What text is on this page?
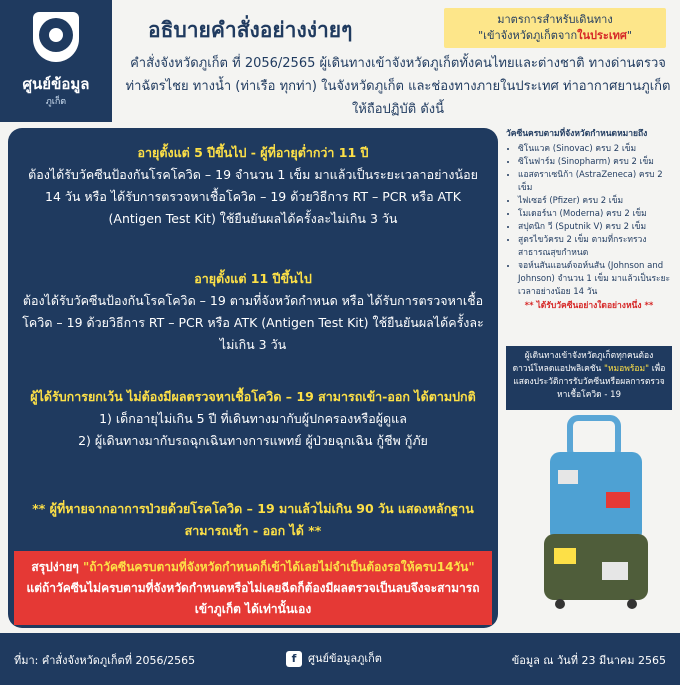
ศูนย์ข้อมูล
ภูเก็ต
อธิบายคำสั่งอย่างง่ายๆ	มาตรการสำหรับเดินทาง
"เข้าจังหวัดภูเก็ตจากในประเทศ"
คำสั่งจังหวัดภูเก็ต ที่ 2056/2565 ผู้เดินทางเข้าจังหวัดภูเก็ตทั้งคนไทยและต่างชาติ ทางด่านตรวจท่าฉัตรไชย ทางน้ำ (ท่าเรือ ทุกท่า) ในจังหวัดภูเก็ต และช่องทางภายในประเทศ ท่าอากาศยานภูเก็ต ให้ถือปฏิบัติ ดังนี้
อายุตั้งแต่ 5 ปีขึ้นไป - ผู้ที่อายุต่ำกว่า 11 ปี
ต้องได้รับวัคซีนป้องกันโรคโควิด – 19 จำนวน 1 เข็ม มาแล้วเป็นระยะเวลาอย่างน้อย 14 วัน หรือ ได้รับการตรวจหาเชื้อโควิด – 19 ด้วยวิธีการ RT – PCR หรือ ATK (Antigen Test Kit) ใช้ยืนยันผลได้ครั้งละไม่เกิน 3 วัน
อายุตั้งแต่ 11 ปีขึ้นไป
ต้องได้รับวัคซีนป้องกันโรคโควิด – 19 ตามที่จังหวัดกำหนด หรือ ได้รับการตรวจหาเชื้อโควิด – 19 ด้วยวิธีการ RT – PCR หรือ ATK (Antigen Test Kit) ใช้ยืนยันผลได้ครั้งละไม่เกิน 3 วัน
ผู้ได้รับการยกเว้น ไม่ต้องมีผลตรวจหาเชื้อโควิด – 19 สามารถเข้า-ออก ได้ตามปกติ
1) เด็กอายุไม่เกิน 5 ปี ที่เดินทางมากับผู้ปกครองหรือผู้ดูแล
2) ผู้เดินทางมากับรถฉุกเฉินทางการแพทย์ ผู้ป่วยฉุกเฉิน กู้ชีพ กู้ภัย
** ผู้ที่หายจากอาการป่วยด้วยโรคโควิด – 19 มาแล้วไม่เกิน 90 วัน แสดงหลักฐาน สามารถเข้า - ออก ได้ **
สรุปง่ายๆ "ถ้าวัคซีนครบตามที่จังหวัดกำหนดก็เข้าได้เลยไม่จำเป็นต้องรอให้ครบ14วัน" แต่ถ้าวัคซีนไม่ครบตามที่จังหวัดกำหนดหรือไม่เคยฉีดก็ต้องมีผลตรวจเป็นลบจึงจะสามารถเข้าภูเก็ต ได้เท่านั้นเอง
วัคซีนครบตามที่จังหวัดกำหนดหมายถึง
• ซิโนแวค (Sinovac) ครบ 2 เข็ม
• ซิโนฟาร์ม (Sinopharm) ครบ 2 เข็ม
• แอสตราเซนิก้า (AstraZeneca) ครบ 2 เข็ม
• ไฟเซอร์ (Pfizer) ครบ 2 เข็ม
• โมเดอร์นา (Moderna) ครบ 2 เข็ม
• สปุตนิก วี (Sputnik V) ครบ 2 เข็ม
• สูตรไขว้ครบ 2 เข็ม ตามที่กระทรวงสาธารณสุขกำหนด
• จอห์นสันแอนด์จอห์นสัน (Johnson and Johnson) จำนวน 1 เข็ม มาแล้วเป็นระยะเวลาอย่างน้อย 14 วัน
** ได้รับวัคซีนอย่างใดอย่างหนึ่ง **
ผู้เดินทางเข้าจังหวัดภูเก็ตทุกคนต้องดาวน์โหลดแอปพลิเคชัน "หมอพร้อม" เพื่อแสดงประวัติการรับวัคซีนหรือผลการตรวจหาเชื้อโควิด - 19
ที่มา: คำสั่งจังหวัดภูเก็ตที่ 2056/2565	f ศูนย์ข้อมูลภูเก็ต	ข้อมูล ณ วันที่ 23 มีนาคม 2565
